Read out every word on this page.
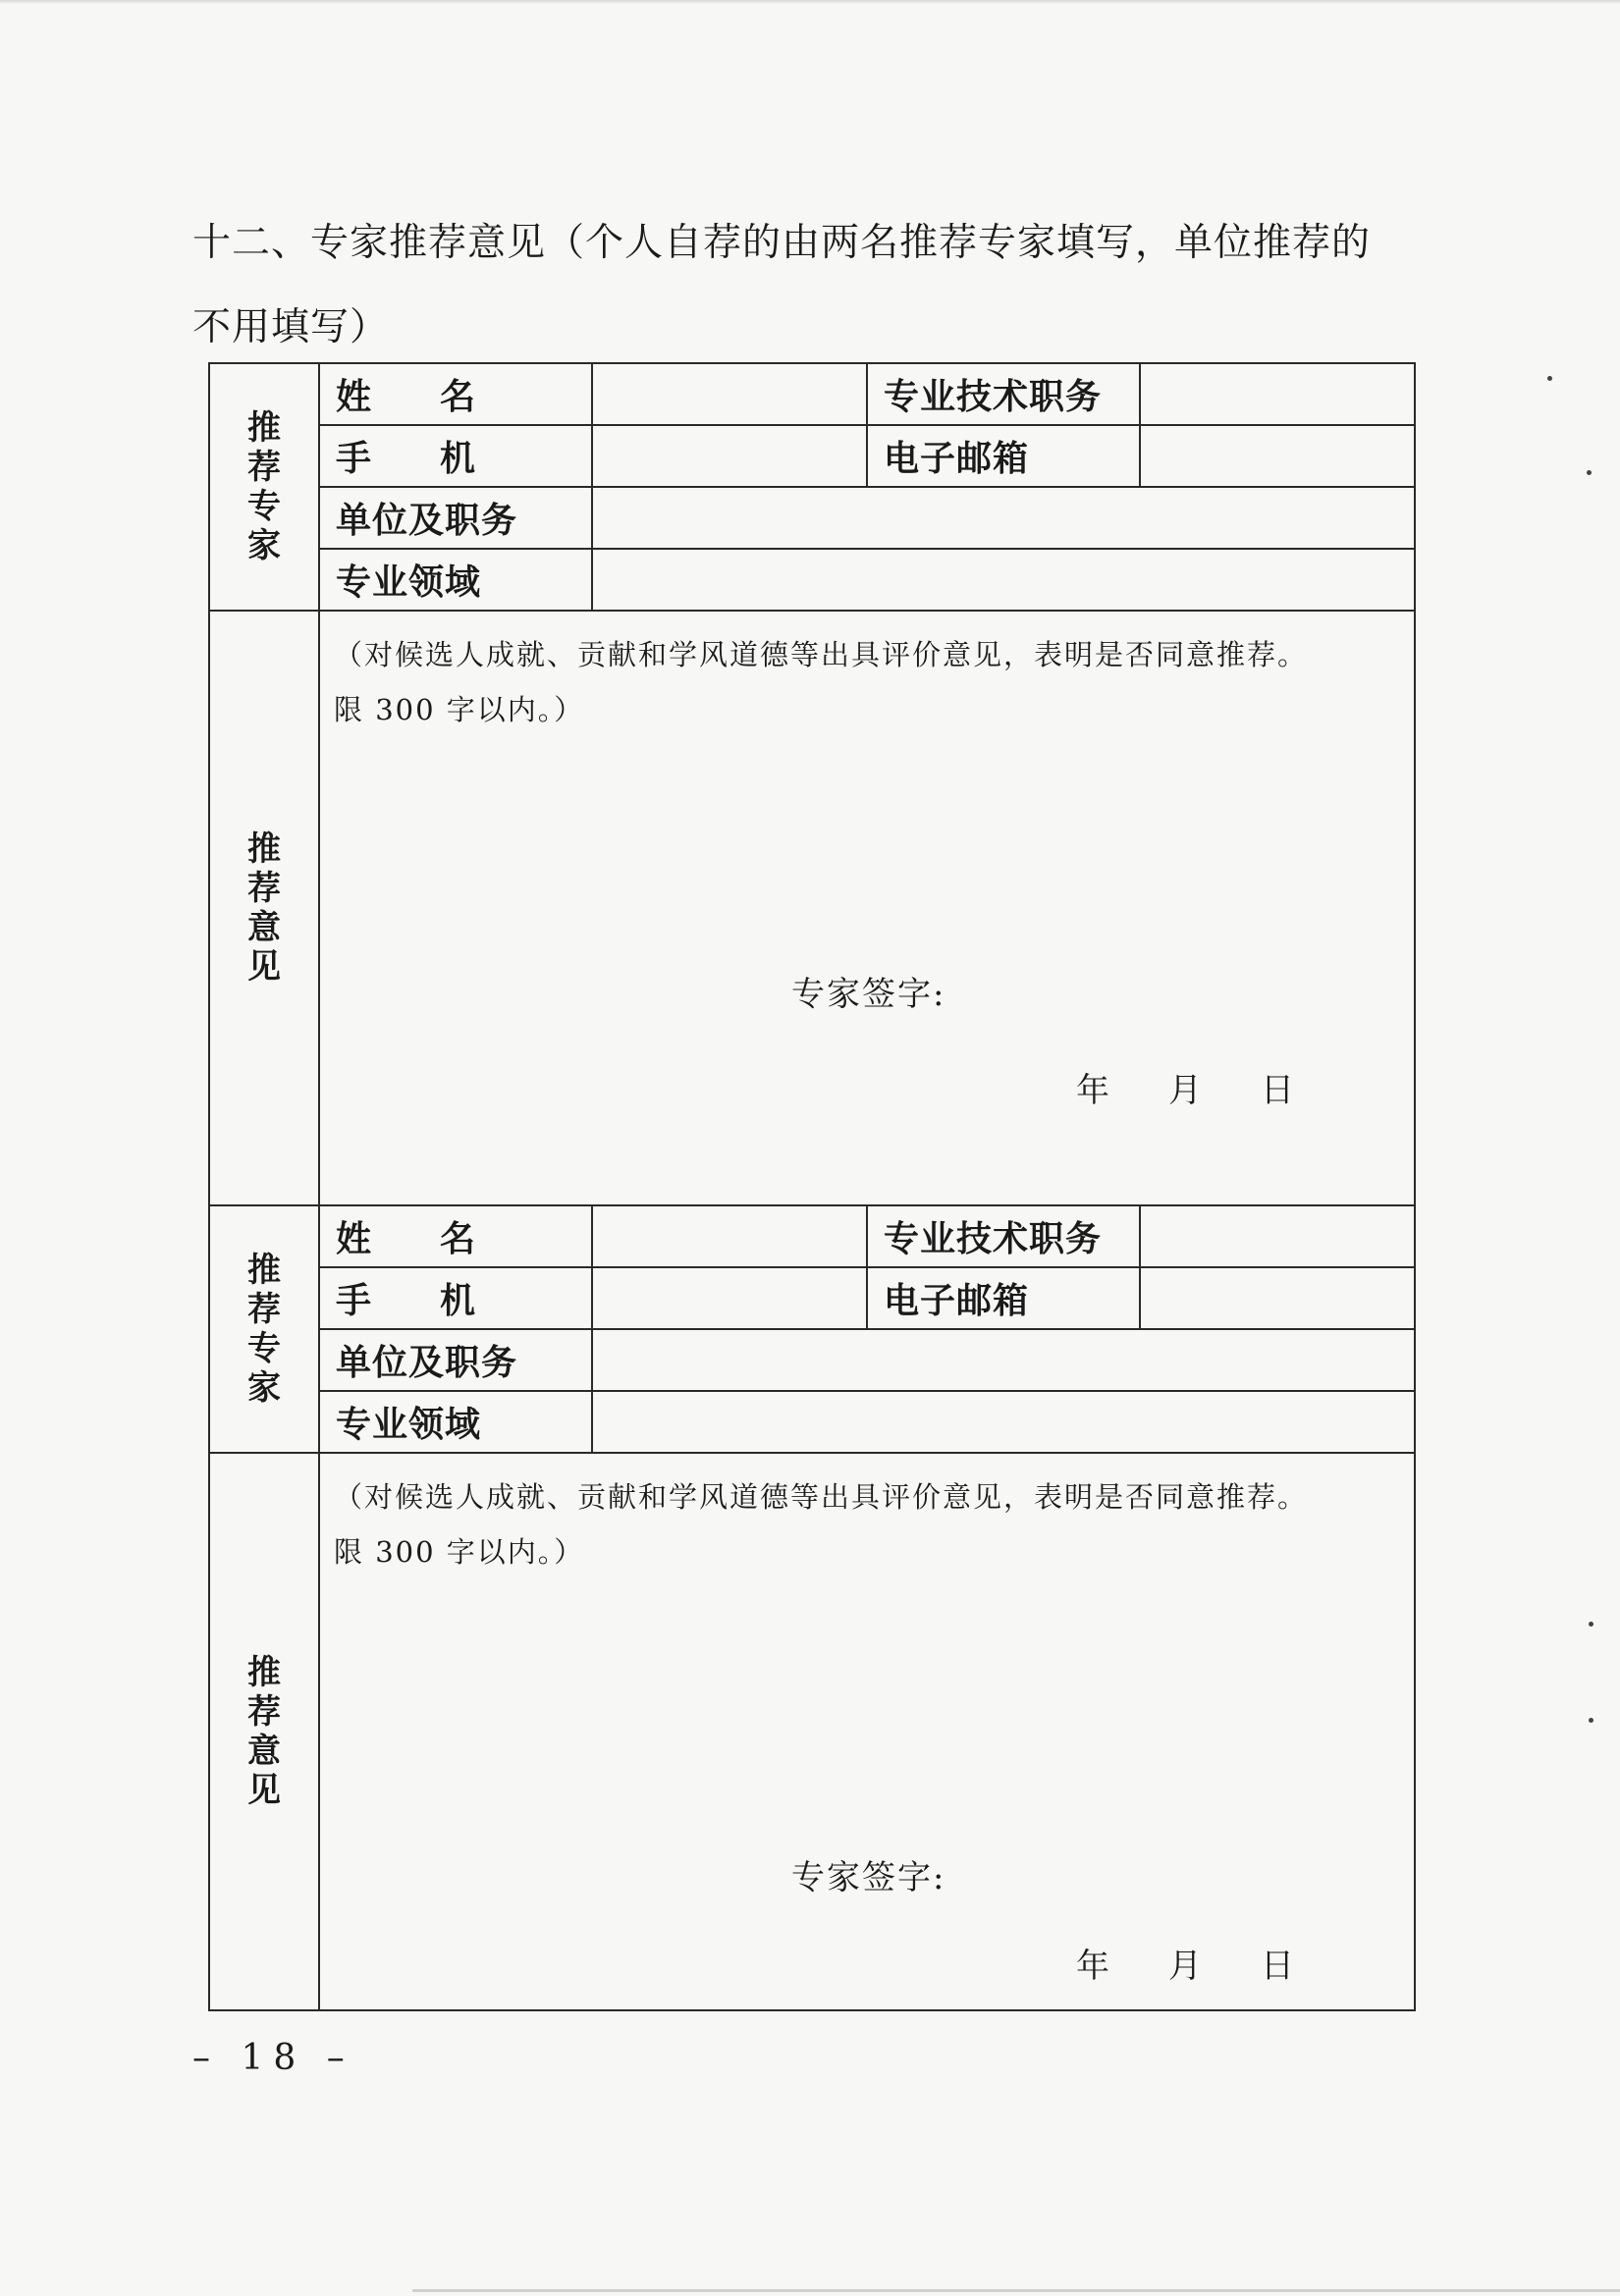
十二、专家推荐意见（个人自荐的由两名推荐专家填写，单位推荐的
不用填写）
推荐专家	姓名		专业技术职务	
	手机		电子邮箱	
	单位及职务			
	专业领域			

推荐意见	（对候选人成就、贡献和学风道德等出具评价意见，表明是否同意推荐。
限 300 字以内。）
专家签字:
年 月 日			
推荐专家	姓名		专业技术职务	
	手机		电子邮箱	
	单位及职务			
	专业领域			

推荐意见	（对候选人成就、贡献和学风道德等出具评价意见，表明是否同意推荐。
限 300 字以内。）
专家签字:
年 月 日			
– 18 –
